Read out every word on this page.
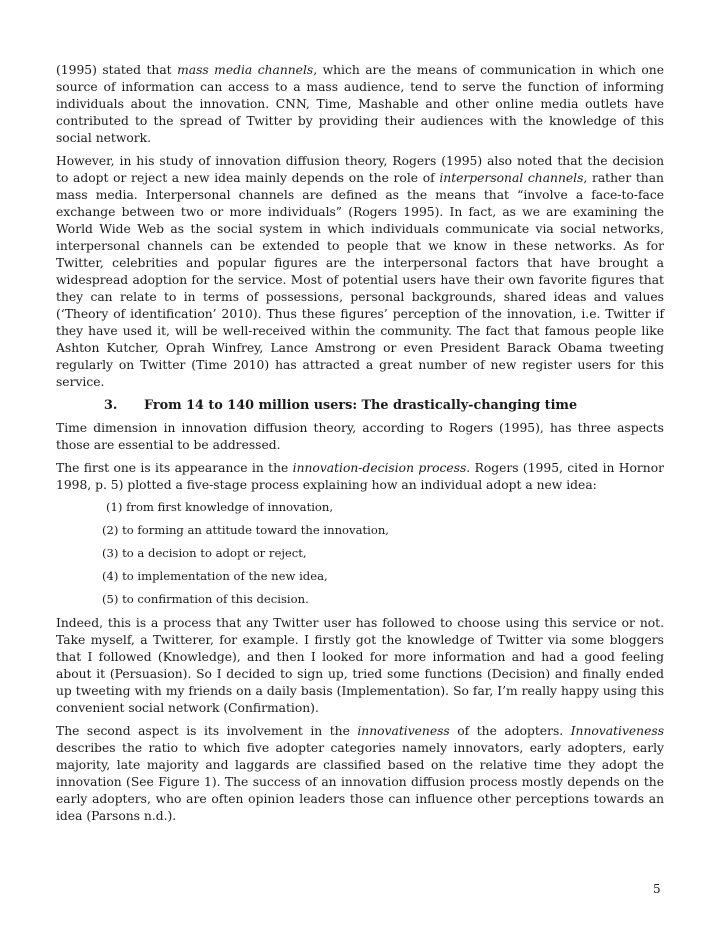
(1995) stated that mass media channels, which are the means of communication in which one source of information can access to a mass audience, tend to serve the function of informing individuals about the innovation. CNN, Time, Mashable and other online media outlets have contributed to the spread of Twitter by providing their audiences with the knowledge of this social network.

However, in his study of innovation diffusion theory, Rogers (1995) also noted that the decision to adopt or reject a new idea mainly depends on the role of interpersonal channels, rather than mass media. Interpersonal channels are defined as the means that “involve a face-to-face exchange between two or more individuals” (Rogers 1995). In fact, as we are examining the World Wide Web as the social system in which individuals communicate via social networks, interpersonal channels can be extended to people that we know in these networks. As for Twitter, celebrities and popular figures are the interpersonal factors that have brought a widespread adoption for the service. Most of potential users have their own favorite figures that they can relate to in terms of possessions, personal backgrounds, shared ideas and values (‘Theory of identification’ 2010). Thus these figures’ perception of the innovation, i.e. Twitter if they have used it, will be well-received within the community. The fact that famous people like Ashton Kutcher, Oprah Winfrey, Lance Amstrong or even President Barack Obama tweeting regularly on Twitter (Time 2010) has attracted a great number of new register users for this service.

3.	From 14 to 140 million users: The drastically-changing time

Time dimension in innovation diffusion theory, according to Rogers (1995), has three aspects those are essential to be addressed.

The first one is its appearance in the innovation-decision process. Rogers (1995, cited in Hornor 1998, p. 5) plotted a five-stage process explaining how an individual adopt a new idea:

(1) from first knowledge of innovation,
(2) to forming an attitude toward the innovation,
(3) to a decision to adopt or reject,
(4) to implementation of the new idea,
(5) to confirmation of this decision.

Indeed, this is a process that any Twitter user has followed to choose using this service or not. Take myself, a Twitterer, for example. I firstly got the knowledge of Twitter via some bloggers that I followed (Knowledge), and then I looked for more information and had a good feeling about it (Persuasion). So I decided to sign up, tried some functions (Decision) and finally ended up tweeting with my friends on a daily basis (Implementation). So far, I’m really happy using this convenient social network (Confirmation).

The second aspect is its involvement in the innovativeness of the adopters. Innovativeness describes the ratio to which five adopter categories namely innovators, early adopters, early majority, late majority and laggards are classified based on the relative time they adopt the innovation (See Figure 1). The success of an innovation diffusion process mostly depends on the early adopters, who are often opinion leaders those can influence other perceptions towards an idea (Parsons n.d.).

5
